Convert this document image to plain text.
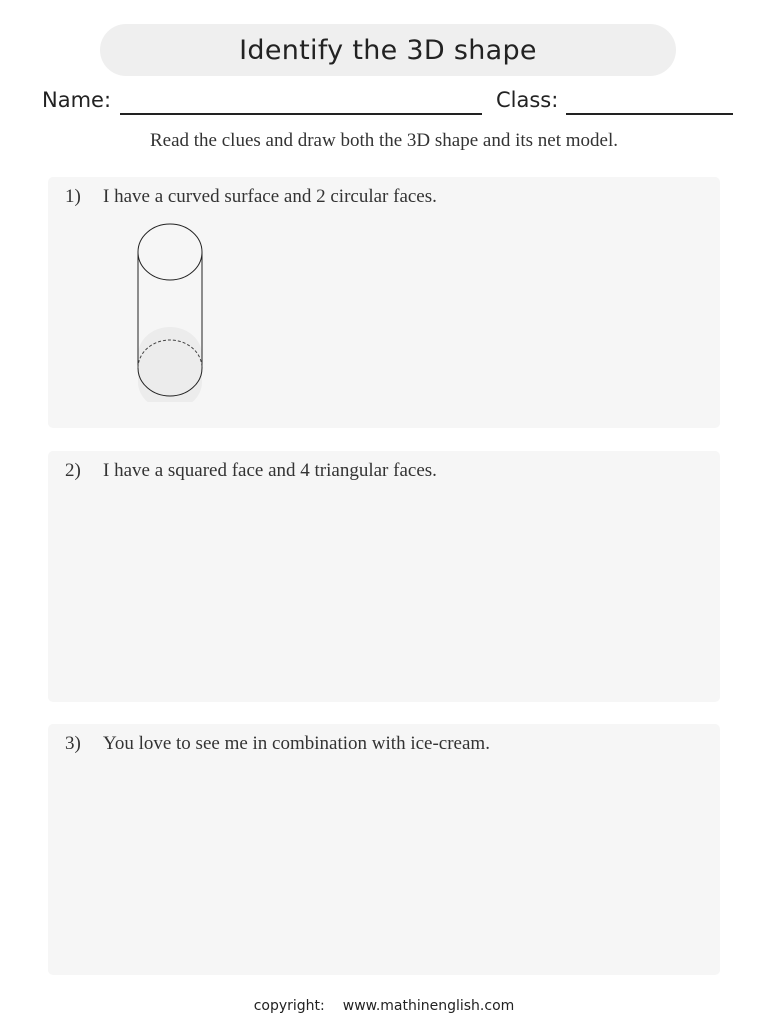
Identify the 3D shape
Name:	Class:
Read the clues and draw both the 3D shape and its net model.
1) I have a curved surface and 2 circular faces.
2) I have a squared face and 4 triangular faces.
3) You love to see me in combination with ice-cream.
copyright: www.mathinenglish.com
